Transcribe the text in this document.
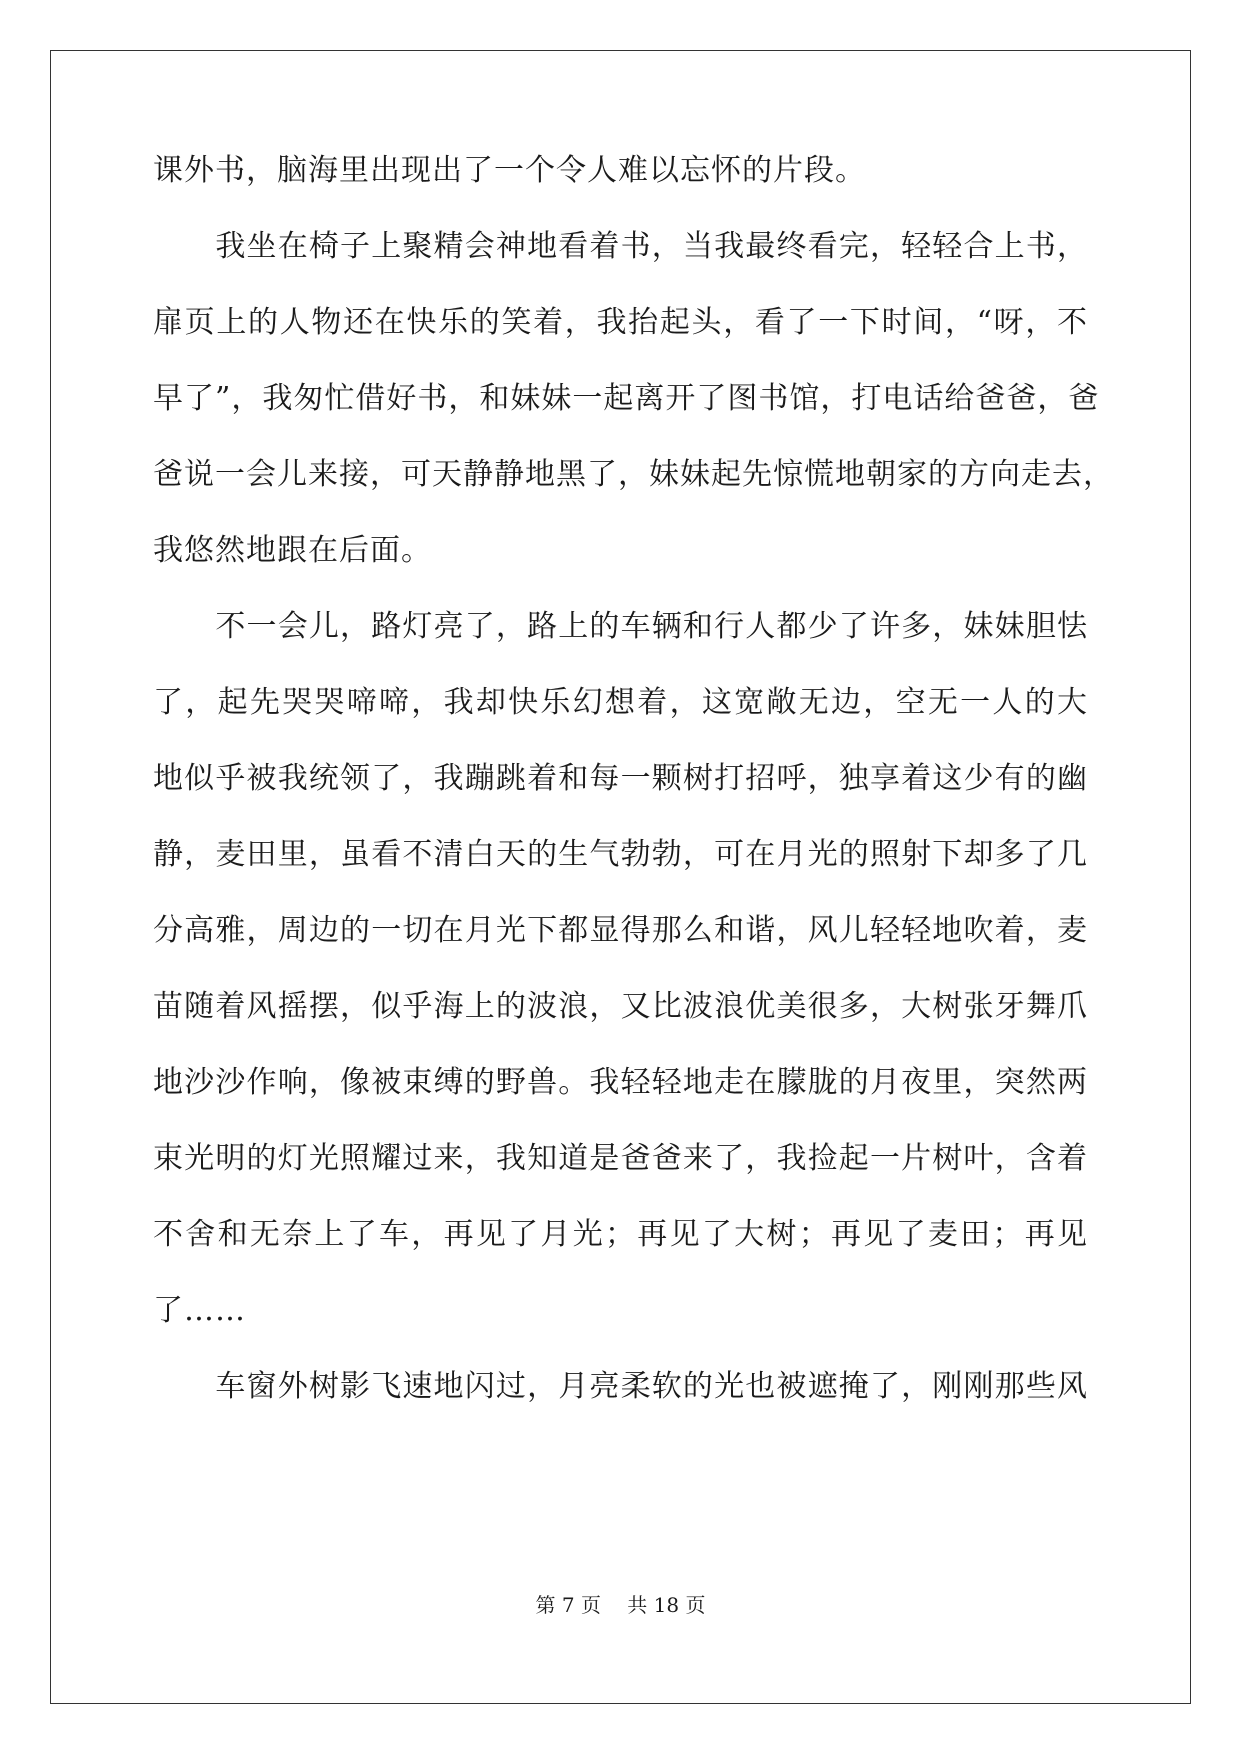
课外书，脑海里出现出了一个令人难以忘怀的片段。
　　我坐在椅子上聚精会神地看着书，当我最终看完，轻轻合上书，
扉页上的人物还在快乐的笑着，我抬起头，看了一下时间，“呀，不
早了”，我匆忙借好书，和妹妹一起离开了图书馆，打电话给爸爸，爸
爸说一会儿来接，可天静静地黑了，妹妹起先惊慌地朝家的方向走去，
我悠然地跟在后面。
　　不一会儿，路灯亮了，路上的车辆和行人都少了许多，妹妹胆怯
了，起先哭哭啼啼，我却快乐幻想着，这宽敞无边，空无一人的大
地似乎被我统领了，我蹦跳着和每一颗树打招呼，独享着这少有的幽
静，麦田里，虽看不清白天的生气勃勃，可在月光的照射下却多了几
分高雅，周边的一切在月光下都显得那么和谐，风儿轻轻地吹着，麦
苗随着风摇摆，似乎海上的波浪，又比波浪优美很多，大树张牙舞爪
地沙沙作响，像被束缚的野兽。我轻轻地走在朦胧的月夜里，突然两
束光明的灯光照耀过来，我知道是爸爸来了，我捡起一片树叶，含着
不舍和无奈上了车，再见了月光；再见了大树；再见了麦田；再见
了……
　　车窗外树影飞速地闪过，月亮柔软的光也被遮掩了，刚刚那些风
第 7 页　 共 18 页
